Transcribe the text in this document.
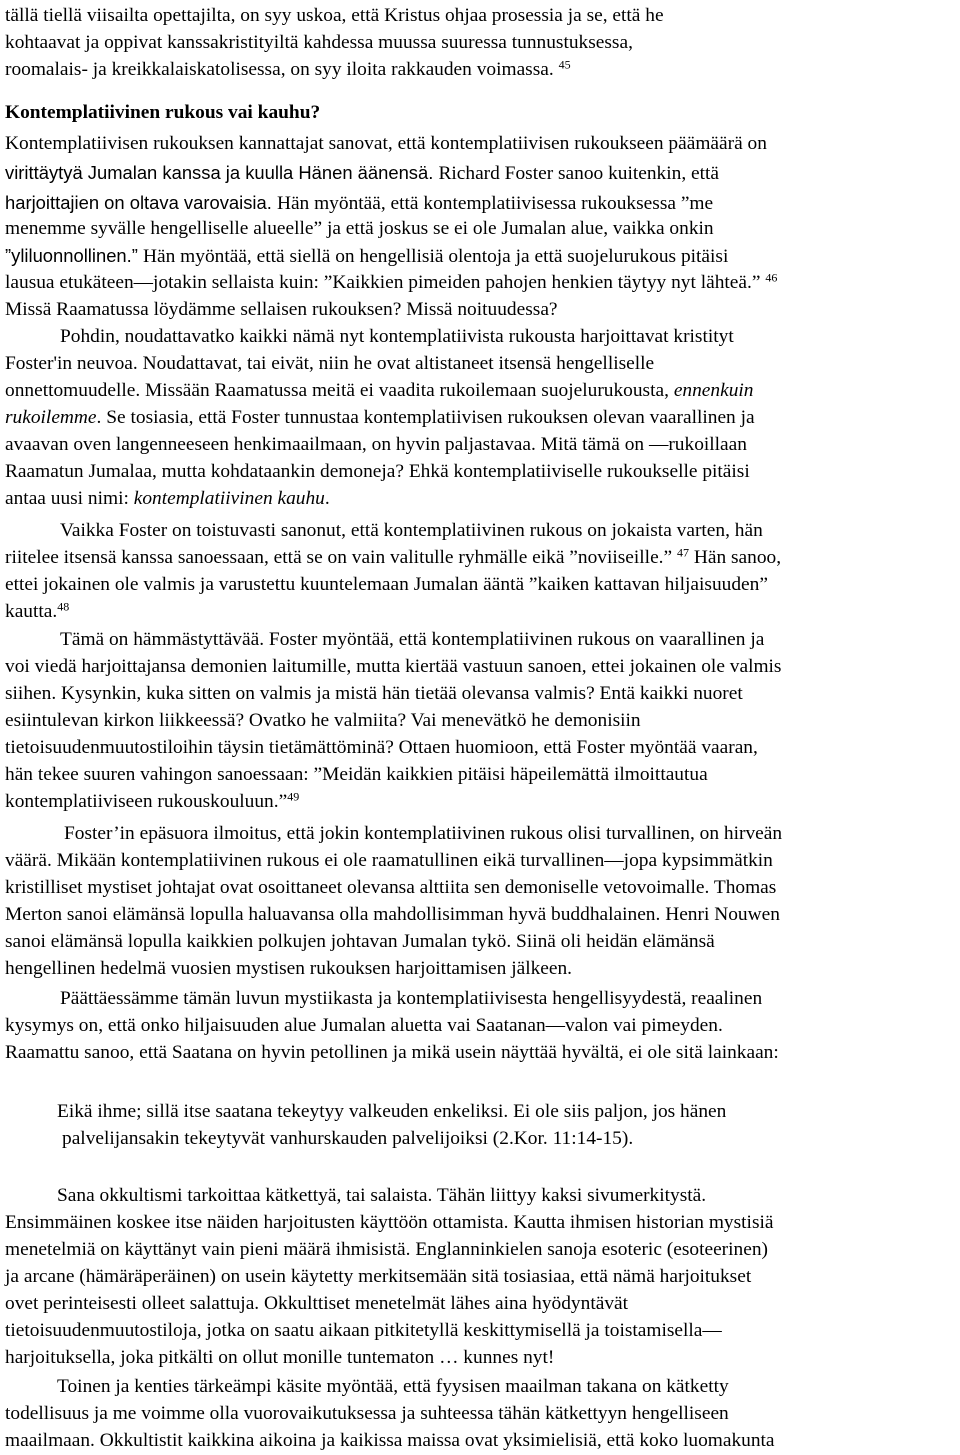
tällä tiellä viisailta opettajilta, on syy uskoa, että Kristus ohjaa prosessia ja se, että he

kohtaavat ja oppivat kanssakristityiltä kahdessa muussa suuressa tunnustuksessa,

roomalais- ja kreikkalaiskatolisessa, on syy iloita rakkauden voimassa. $^{45}$

Kontemplatiivinen rukous vai kauhu?

Kontemplatiivisen rukouksen kannattajat sanovat, että kontemplatiivisen rukoukseen päämäärä on

virittäytyä Jumalan kanssa ja kuulla Hänen äänensä. Richard Foster sanoo kuitenkin, että

harjoittajien on oltava varovaisia. Hän myöntää, että kontemplatiivisessa rukouksessa ”me

menemme syvälle hengelliselle alueelle” ja että joskus se ei ole Jumalan alue, vaikka onkin

”yliluonnollinen.” Hän myöntää, että siellä on hengellisiä olentoja ja että suojelurukous pitäisi

lausua etukäteen—jotakin sellaista kuin: ”Kaikkien pimeiden pahojen henkien täytyy nyt lähteä.” $^{46}$

Missä Raamatussa löydämme sellaisen rukouksen? Missä noituudessa?

Pohdin, noudattavatko kaikki nämä nyt kontemplatiivista rukousta harjoittavat kristityt

Foster'in neuvoa. Noudattavat, tai eivät, niin he ovat altistaneet itsensä hengelliselle

onnettomuudelle. Missään Raamatussa meitä ei vaadita rukoilemaan suojelurukousta, ennenkuin

rukoilemme. Se tosiasia, että Foster tunnustaa kontemplatiivisen rukouksen olevan vaarallinen ja

avaavan oven langenneeseen henkimaailmaan, on hyvin paljastavaa. Mitä tämä on —rukoillaan

Raamatun Jumalaa, mutta kohdataankin demoneja? Ehkä kontemplatiiviselle rukoukselle pitäisi

antaa uusi nimi: kontemplatiivinen kauhu.

Vaikka Foster on toistuvasti sanonut, että kontemplatiivinen rukous on jokaista varten, hän

riitelee itsensä kanssa sanoessaan, että se on vain valitulle ryhmälle eikä ”noviiseille.” $^{47}$ Hän sanoo,

ettei jokainen ole valmis ja varustettu kuuntelemaan Jumalan ääntä ”kaiken kattavan hiljaisuuden”

kautta.$^{48}$

Tämä on hämmästyttävää. Foster myöntää, että kontemplatiivinen rukous on vaarallinen ja

voi viedä harjoittajansa demonien laitumille, mutta kiertää vastuun sanoen, ettei jokainen ole valmis

siihen. Kysynkin, kuka sitten on valmis ja mistä hän tietää olevansa valmis? Entä kaikki nuoret

esiintulevan kirkon liikkeessä? Ovatko he valmiita? Vai menevätkö he demonisiin

tietoisuudenmuutostiloihin täysin tietämättöminä? Ottaen huomioon, että Foster myöntää vaaran,

hän tekee suuren vahingon sanoessaan: ”Meidän kaikkien pitäisi häpeilemättä ilmoittautua

kontemplatiiviseen rukouskouluun.”$^{49}$

Foster’in epäsuora ilmoitus, että jokin kontemplatiivinen rukous olisi turvallinen, on hirveän

väärä. Mikään kontemplatiivinen rukous ei ole raamatullinen eikä turvallinen—jopa kypsimmätkin

kristilliset mystiset johtajat ovat osoittaneet olevansa alttiita sen demoniselle vetovoimalle. Thomas

Merton sanoi elämänsä lopulla haluavansa olla mahdollisimman hyvä buddhalainen. Henri Nouwen

sanoi elämänsä lopulla kaikkien polkujen johtavan Jumalan tykö. Siinä oli heidän elämänsä

hengellinen hedelmä vuosien mystisen rukouksen harjoittamisen jälkeen.

Päättäessämme tämän luvun mystiikasta ja kontemplatiivisesta hengellisyydestä, reaalinen

kysymys on, että onko hiljaisuuden alue Jumalan aluetta vai Saatanan—valon vai pimeyden.

Raamattu sanoo, että Saatana on hyvin petollinen ja mikä usein näyttää hyvältä, ei ole sitä lainkaan:

Eikä ihme; sillä itse saatana tekeytyy valkeuden enkeliksi. Ei ole siis paljon, jos hänen

palvelijansakin tekeytyvät vanhurskauden palvelijoiksi (2.Kor. 11:14-15).

Sana okkultismi tarkoittaa kätkettyä, tai salaista. Tähän liittyy kaksi sivumerkitystä.

Ensimmäinen koskee itse näiden harjoitusten käyttöön ottamista. Kautta ihmisen historian mystisiä

menetelmiä on käyttänyt vain pieni määrä ihmisistä. Englanninkielen sanoja esoteric (esoteerinen)

ja arcane (hämäräperäinen) on usein käytetty merkitsemään sitä tosiasiaa, että nämä harjoitukset

ovet perinteisesti olleet salattuja. Okkulttiset menetelmät lähes aina hyödyntävät

tietoisuudenmuutostiloja, jotka on saatu aikaan pitkitetyllä keskittymisellä ja toistamisella—

harjoituksella, joka pitkälti on ollut monille tuntematon … kunnes nyt!

Toinen ja kenties tärkeämpi käsite myöntää, että fyysisen maailman takana on kätketty

todellisuus ja me voimme olla vuorovaikutuksessa ja suhteessa tähän kätkettyyn hengelliseen

maailmaan. Okkultistit kaikkina aikoina ja kaikissa maissa ovat yksimielisiä, että koko luomakunta
